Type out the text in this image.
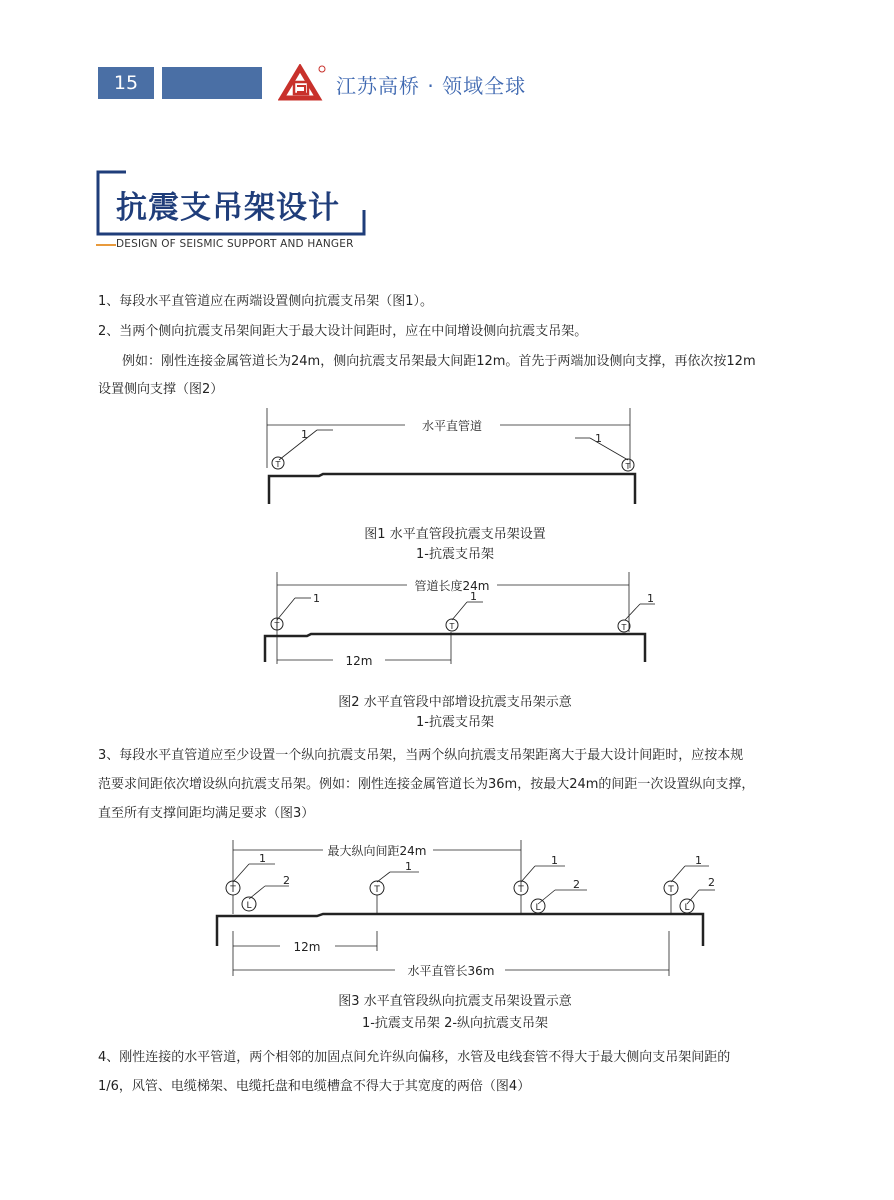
15	江苏高桥 · 领域全球
抗震支吊架设计
DESIGN OF SEISMIC SUPPORT AND HANGER
1、每段水平直管道应在两端设置侧向抗震支吊架（图1）。
2、当两个侧向抗震支吊架间距大于最大设计间距时，应在中间增设侧向抗震支吊架。
例如：刚性连接金属管道长为24m，侧向抗震支吊架最大间距12m。首先于两端加设侧向支撑，再依次按12m
设置侧向支撑（图2）
水平直管道
1	1
T	T
图1 水平直管段抗震支吊架设置
1-抗震支吊架
管道长度24m
12m
1	1	1
T	T	T
图2 水平直管段中部增设抗震支吊架示意
1-抗震支吊架
3、每段水平直管道应至少设置一个纵向抗震支吊架，当两个纵向抗震支吊架距离大于最大设计间距时，应按本规
范要求间距依次增设纵向抗震支吊架。例如：刚性连接金属管道长为36m，按最大24m的间距一次设置纵向支撑，
直至所有支撑间距均满足要求（图3）
最大纵向间距24m
12m
水平直管长36m
1
2
1	1
2
1
2
T
L
T	T
L
T
L
图3 水平直管段纵向抗震支吊架设置示意
1-抗震支吊架 2-纵向抗震支吊架
4、刚性连接的水平管道，两个相邻的加固点间允许纵向偏移，水管及电线套管不得大于最大侧向支吊架间距的
1/6，风管、电缆梯架、电缆托盘和电缆槽盒不得大于其宽度的两倍（图4）
